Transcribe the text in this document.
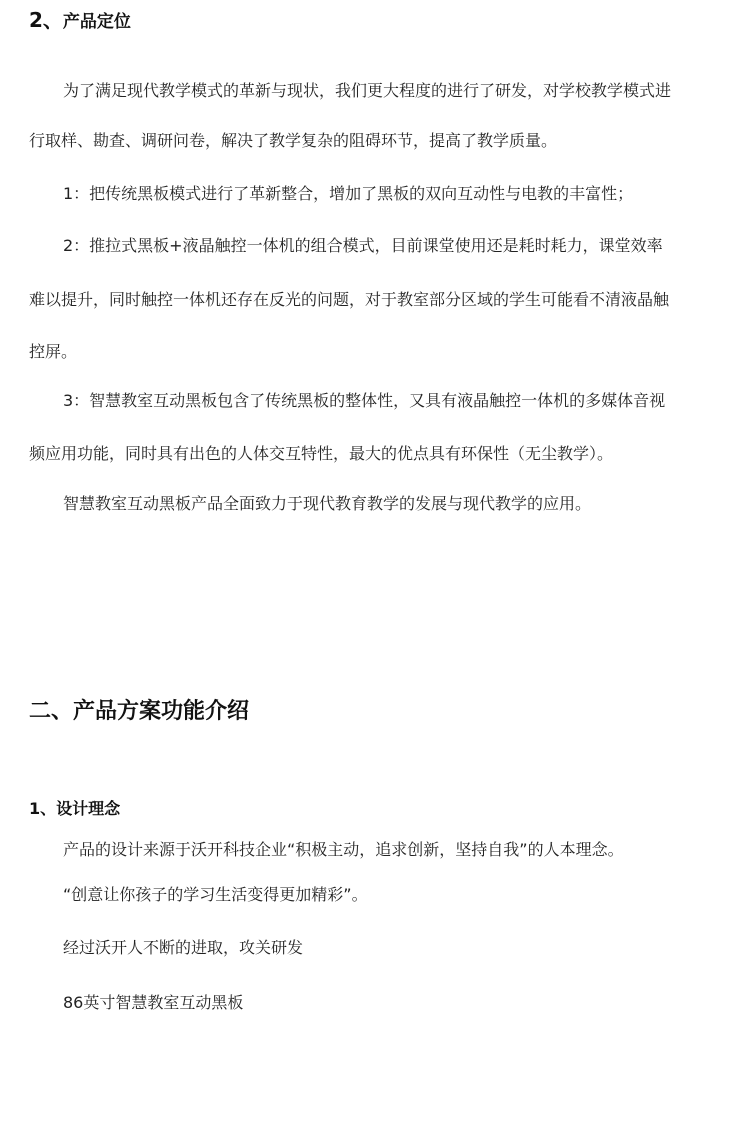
2、产品定位
为了满足现代教学模式的革新与现状，我们更大程度的进行了研发，对学校教学模式进
行取样、勘查、调研问卷，解决了教学复杂的阻碍环节，提高了教学质量。
1：把传统黑板模式进行了革新整合，增加了黑板的双向互动性与电教的丰富性；
2：推拉式黑板+液晶触控一体机的组合模式，目前课堂使用还是耗时耗力，课堂效率
难以提升，同时触控一体机还存在反光的问题，对于教室部分区域的学生可能看不清液晶触
控屏。
3：智慧教室互动黑板包含了传统黑板的整体性，又具有液晶触控一体机的多媒体音视
频应用功能，同时具有出色的人体交互特性，最大的优点具有环保性（无尘教学）。
智慧教室互动黑板产品全面致力于现代教育教学的发展与现代教学的应用。
二、产品方案功能介绍
1、设计理念
产品的设计来源于沃开科技企业“积极主动，追求创新，坚持自我”的人本理念。
“创意让你孩子的学习生活变得更加精彩”。
经过沃开人不断的进取，攻关研发
86英寸智慧教室互动黑板
